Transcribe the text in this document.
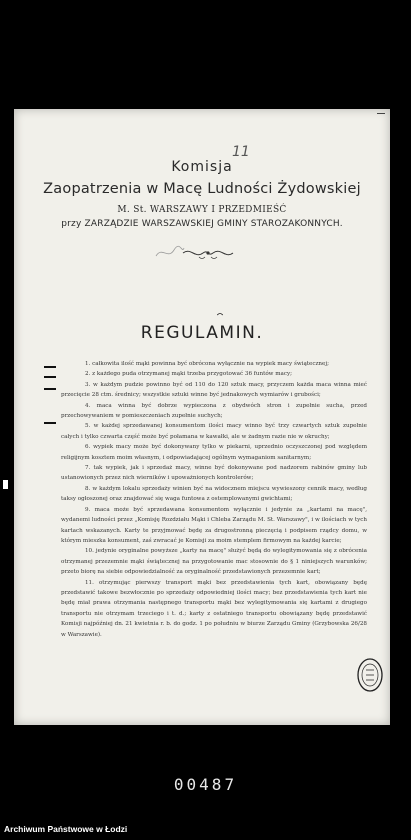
11
Komisja
Zaopatrzenia w Macę Ludności Żydowskiej
M. St. WARSZAWY I PRZEDMIEŚĆ
przy ZARZĄDZIE WARSZAWSKIEJ GMINY STAROZAKONNYCH.
REGULAMIN.

1. całkowita ilość mąki powinna być obrócona wyłącznie na wypiek macy świątecznej;

2. z każdego puda otrzymanej mąki trzeba przygotować 36 funtów macy;

3. w każdym pudzie powinno być od 110 do 120 sztuk macy, przyczem każda maca winna mieć przecięcie 28 ctm. średnicy; wszystkie sztuki winne być jednakowych wymiarów i grubości;

4. maca winna być dobrze wypieczona z obydwóch stron i zupełnie sucha, przed przechowywaniem w pomieszczeniach zupełnie suchych;

5. w każdej sprzedawanej konsumentom ilości macy winno być trzy czwartych sztuk zupełnie całych i tylko czwarta część może być połamana w kawałki, ale w żadnym razie nie w okruchy;

6. wypiek macy może być dokonywany tylko w piekarni, uprzednio oczyszczonej pod względem religijnym kosztem moim własnym, i odpowiadającej ogólnym wymaganiom sanitarnym;

7. tak wypiek, jak i sprzedaż macy, winne być dokonywane pod nadzorem rabinów gminy lub ustanowionych przez nich wierników i upoważnionych kontrolerów;

8. w każdym lokalu sprzedaży winien być na widocznem miejscu wywieszony cennik macy, według taksy ogłoszonej oraz znajdować się waga funtowa z ostemplowanymi gwichtami;

9. maca może być sprzedawana konsumentom wyłącznie i jedynie za „kartami na macę", wydanemi ludności przez „Komisję Rozdziału Mąki i Chleba Zarządu M. St. Warszawy", i w ilościach w tych kartach wskazanych. Karty te przyjmować będę za drugostronną pieczęcią i podpisem rządcy domu, w którym mieszka konsument, zaś zwracać je Komisji za moim stemplem firmowym na każdej karcie;

10. jedynie oryginalne powyższe „karty na macę" służyć będą do wylegitymowania się z obrócenia otrzymanej przezemnie mąki świątecznej na przygotowanie mac stosownie do § 1 niniejszych warunków; przeto biorę na siebie odpowiedzialność za oryginalność przedstawionych przezemnie kart;

11. otrzymując pierwszy transport mąki bez przedstawienia tych kart, obowiązany będę przedstawić takowe bezwłocznie po sprzedaży odpowiedniej ilości macy; bez przedstawienia tych kart nie będę miał prawa otrzymania następnego transportu mąki bez wylegitymowania się kartami z drugiego transportu nie otrzymam trzeciego i t. d.; karty z ostatniego transportu obowiązany będę przedstawić Komisji najpóźniej dn. 21 kwietnia r. b. do godz. 1 po południu w biurze Zarządu Gminy (Grzybowska 26/28 w Warszawie).

00487
Archiwum Państwowe w Łodzi
